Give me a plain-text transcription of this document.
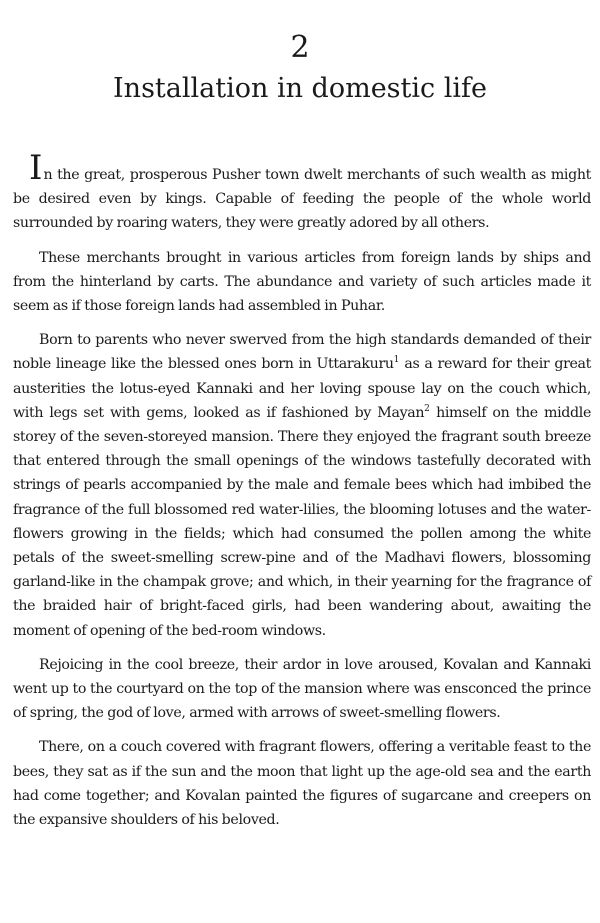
2
Installation in domestic life

In the great, prosperous Pusher town dwelt merchants of such wealth as might be desired even by kings. Capable of feeding the people of the whole world surrounded by roaring waters, they were greatly adored by all others.

These merchants brought in various articles from foreign lands by ships and from the hinterland by carts. The abundance and variety of such articles made it seem as if those foreign lands had assembled in Puhar.

Born to parents who never swerved from the high standards demanded of their noble lineage like the blessed ones born in Uttarakuru$^1$ as a reward for their great austerities the lotus-eyed Kannaki and her loving spouse lay on the couch which, with legs set with gems, looked as if fashioned by Mayan$^2$ himself on the middle storey of the seven-storeyed mansion. There they enjoyed the fragrant south breeze that entered through the small openings of the windows tastefully decorated with strings of pearls accompanied by the male and female bees which had imbibed the fragrance of the full blossomed red water-lilies, the blooming lotuses and the water-flowers growing in the fields; which had consumed the pollen among the white petals of the sweet-smelling screw-pine and of the Madhavi flowers, blossoming garland-like in the champak grove; and which, in their yearning for the fragrance of the braided hair of bright-faced girls, had been wandering about, awaiting the moment of opening of the bed-room windows.

Rejoicing in the cool breeze, their ardor in love aroused, Kovalan and Kannaki went up to the courtyard on the top of the mansion where was ensconced the prince of spring, the god of love, armed with arrows of sweet-smelling flowers.

There, on a couch covered with fragrant flowers, offering a veritable feast to the bees, they sat as if the sun and the moon that light up the age-old sea and the earth had come together; and Kovalan painted the figures of sugarcane and creepers on the expansive shoulders of his beloved.
